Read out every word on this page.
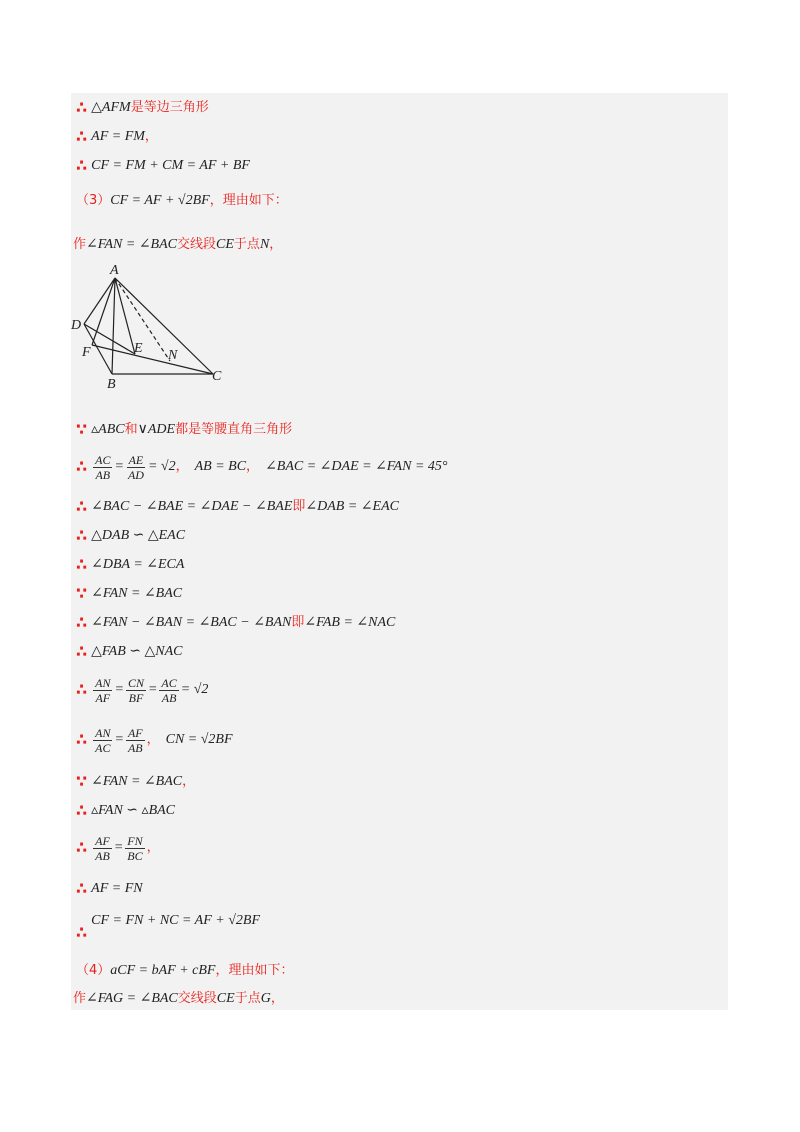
∴ △AFM 是等边三角形
∴ AF = FM ，
∴ CF = FM + CM = AF + BF
（3） CF = AF + √2BF ，理由如下：
作 ∠FAN = ∠BAC 交线段 CE 于点 N ，
A
D
F	E N
B
C
∵ ▵ABC 和 ∨ADE 都是等腰直角三角形
∴ $\frac{AC}{AB} = \frac{AE}{AD} = √2$ ， AB = BC ， ∠BAC = ∠DAE = ∠FAN = 45°
∴ ∠BAC − ∠BAE = ∠DAE − ∠BAE 即 ∠DAB = ∠EAC
∴ △DAB ∽ △EAC
∴ ∠DBA = ∠ECA
∵ ∠FAN = ∠BAC
∴ ∠FAN − ∠BAN = ∠BAC − ∠BAN 即 ∠FAB = ∠NAC
∴ △FAB ∽ △NAC
∴ $\frac{AN}{AF} = \frac{CN}{BF} = \frac{AC}{AB} = √2$
∴ $\frac{AN}{AC} = \frac{AF}{AB}$ ， CN = √2BF
∵ ∠FAN = ∠BAC ，
∴ ▵FAN ∽ ▵BAC
∴ $\frac{AF}{AB} = \frac{FN}{BC}$ ，
∴ AF = FN
∴
CF = FN + NC = AF + √2BF
（4） aCF = bAF + cBF ，理由如下：
作 ∠FAG = ∠BAC 交线段 CE 于点 G ，
